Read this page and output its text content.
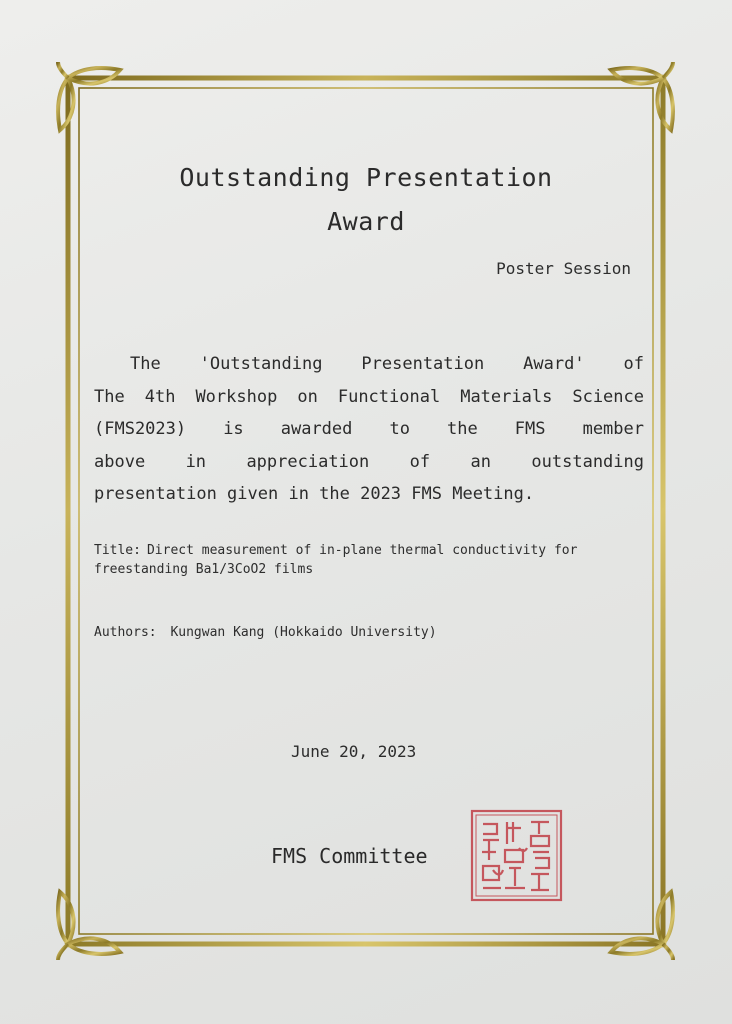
Outstanding Presentation
Award
Poster Session
The 'Outstanding Presentation Award' of
The 4th Workshop on Functional Materials Science
(FMS2023) is awarded to the FMS member
above in appreciation of an outstanding
presentation given in the 2023 FMS Meeting.
Title: Direct measurement of in-plane thermal conductivity for
freestanding Ba1/3CoO2 films
Authors: Kungwan Kang (Hokkaido University)
June 20, 2023
FMS Committee
